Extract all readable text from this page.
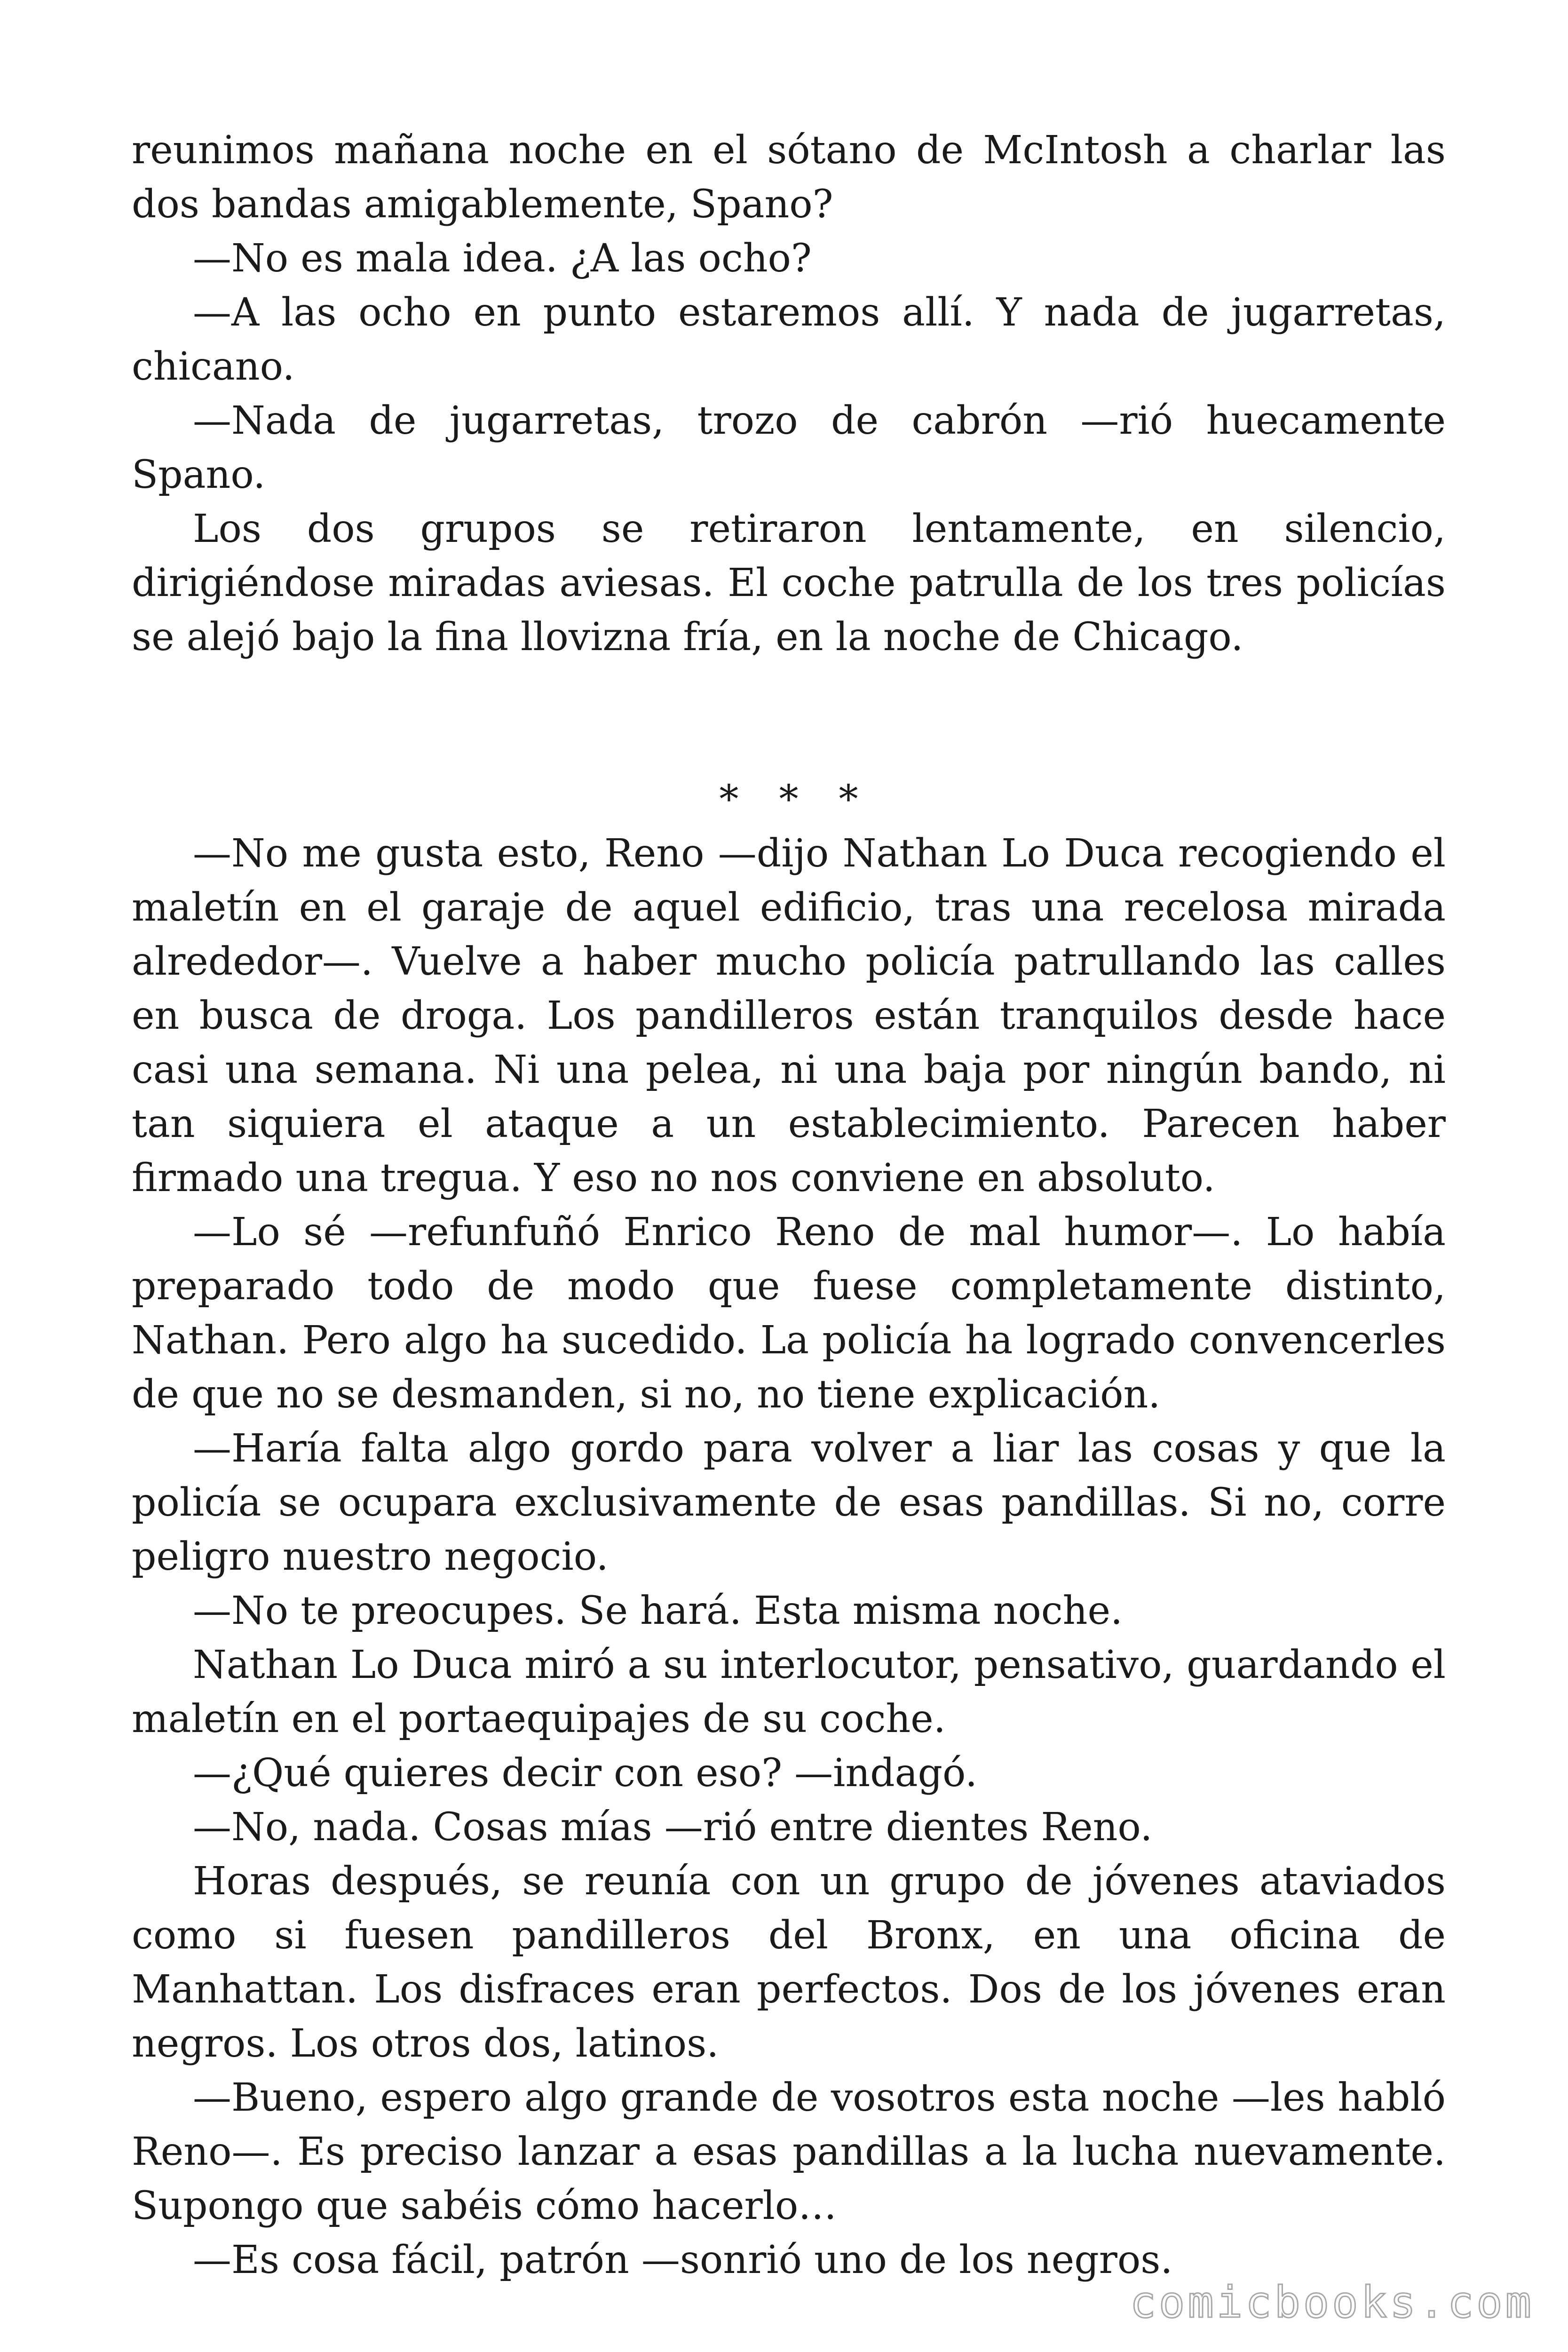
reunimos mañana noche en el sótano de McIntosh a charlar las dos bandas amigablemente, Spano?

—No es mala idea. ¿A las ocho?

—A las ocho en punto estaremos allí. Y nada de jugarretas, chicano.

—Nada de jugarretas, trozo de cabrón —rió huecamente Spano.

Los dos grupos se retiraron lentamente, en silencio, dirigiéndose miradas aviesas. El coche patrulla de los tres policías se alejó bajo la fina llovizna fría, en la noche de Chicago.

* * *

—No me gusta esto, Reno —dijo Nathan Lo Duca recogiendo el maletín en el garaje de aquel edificio, tras una recelosa mirada alrededor—. Vuelve a haber mucho policía patrullando las calles en busca de droga. Los pandilleros están tranquilos desde hace casi una semana. Ni una pelea, ni una baja por ningún bando, ni tan siquiera el ataque a un establecimiento. Parecen haber firmado una tregua. Y eso no nos conviene en absoluto.

—Lo sé —refunfuñó Enrico Reno de mal humor—. Lo había preparado todo de modo que fuese completamente distinto, Nathan. Pero algo ha sucedido. La policía ha logrado convencerles de que no se desmanden, si no, no tiene explicación.

—Haría falta algo gordo para volver a liar las cosas y que la policía se ocupara exclusivamente de esas pandillas. Si no, corre peligro nuestro negocio.

—No te preocupes. Se hará. Esta misma noche.

Nathan Lo Duca miró a su interlocutor, pensativo, guardando el maletín en el portaequipajes de su coche.

—¿Qué quieres decir con eso? —indagó.

—No, nada. Cosas mías —rió entre dientes Reno.

Horas después, se reunía con un grupo de jóvenes ataviados como si fuesen pandilleros del Bronx, en una oficina de Manhattan. Los disfraces eran perfectos. Dos de los jóvenes eran negros. Los otros dos, latinos.

—Bueno, espero algo grande de vosotros esta noche —les habló Reno—. Es preciso lanzar a esas pandillas a la lucha nuevamente. Supongo que sabéis cómo hacerlo…

—Es cosa fácil, patrón —sonrió uno de los negros.

comicbooks.com
